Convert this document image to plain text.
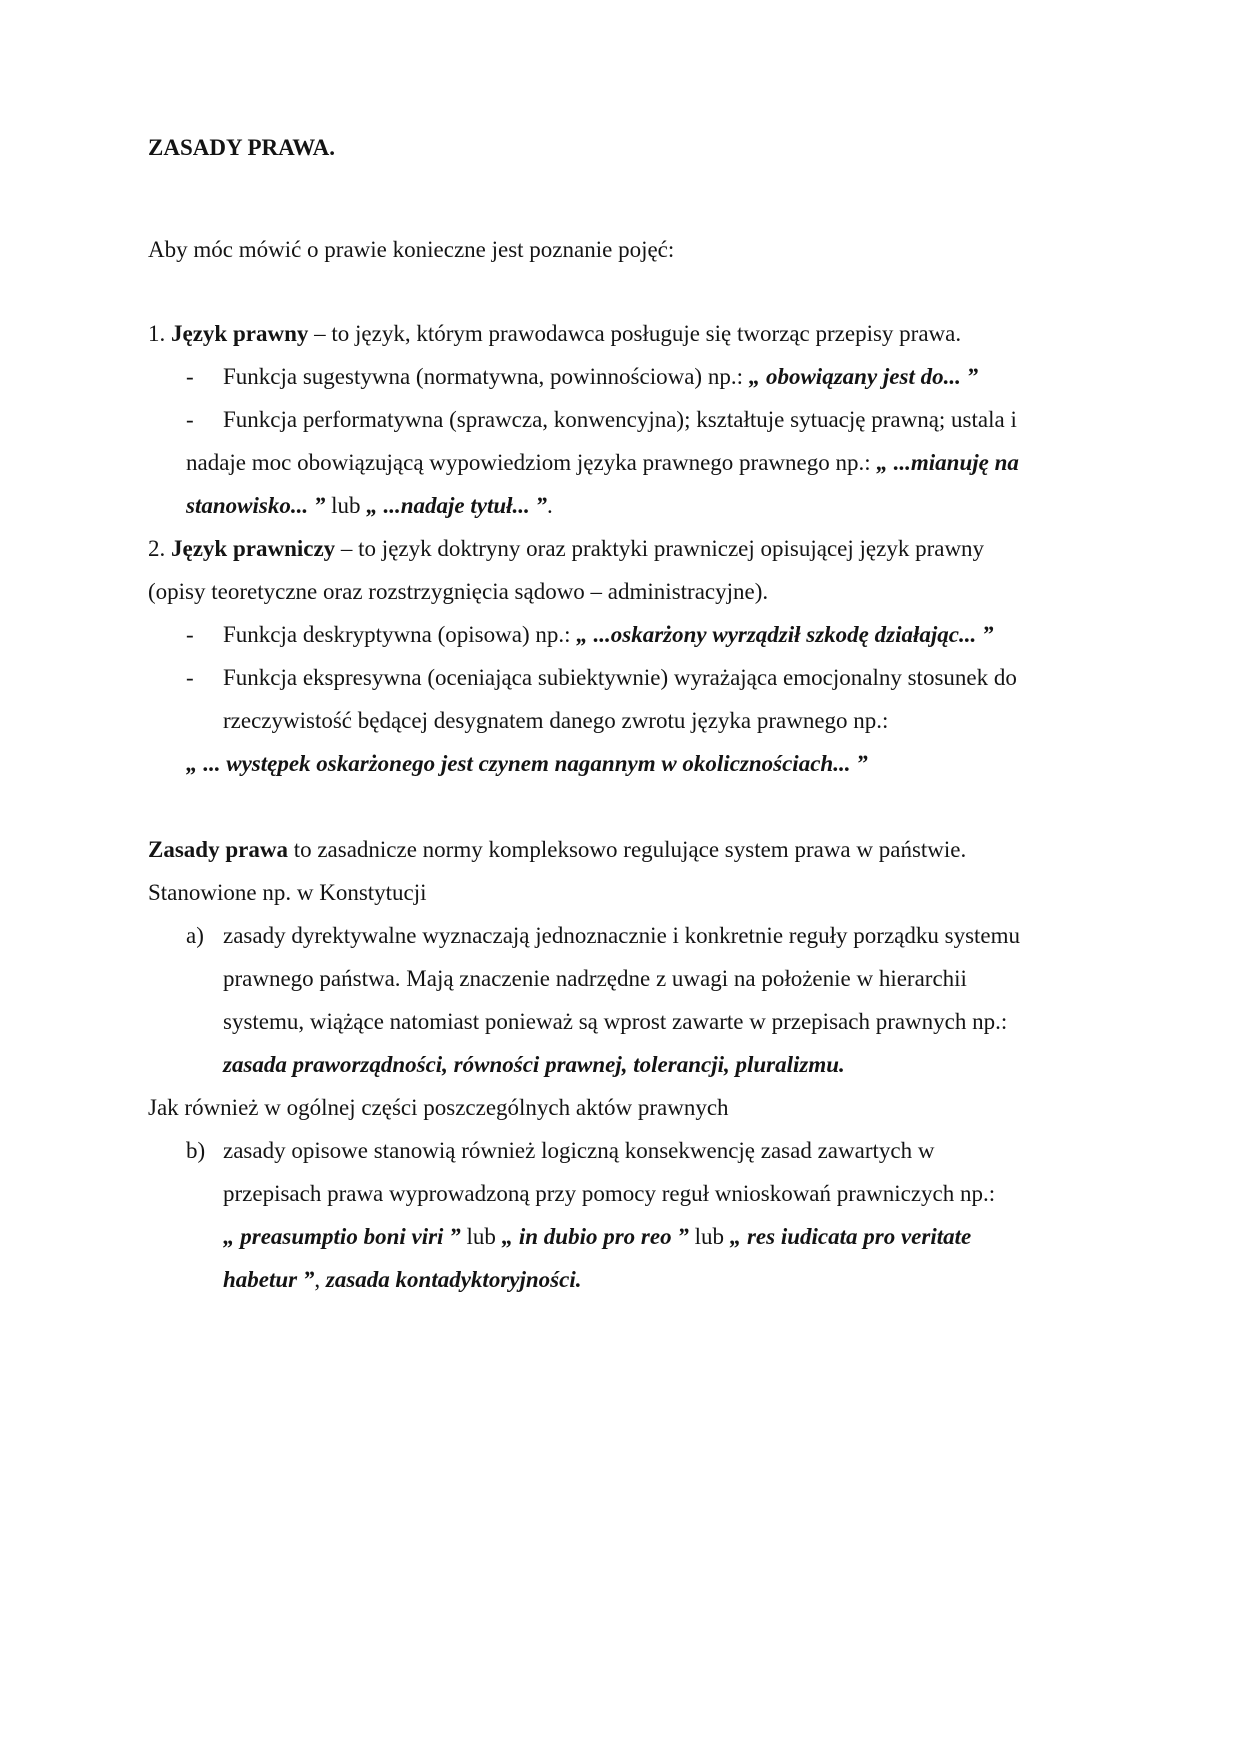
ZASADY PRAWA.
Aby móc mówić o prawie konieczne jest poznanie pojęć:
1. Język prawny – to język, którym prawodawca posługuje się tworząc przepisy prawa.
- Funkcja sugestywna (normatywna, powinnościowa) np.: „ obowiązany jest do... ”
- Funkcja performatywna (sprawcza, konwencyjna); kształtuje sytuację prawną; ustala i
nadaje moc obowiązującą wypowiedziom języka prawnego prawnego np.: „ ...mianuję na
stanowisko... ” lub „ ...nadaje tytuł... ”.
2. Język prawniczy – to język doktryny oraz praktyki prawniczej opisującej język prawny
(opisy teoretyczne oraz rozstrzygnięcia sądowo – administracyjne).
- Funkcja deskryptywna (opisowa) np.: „ ...oskarżony wyrządził szkodę działając... ”
- Funkcja ekspresywna (oceniająca subiektywnie) wyrażająca emocjonalny stosunek do
rzeczywistość będącej desygnatem danego zwrotu języka prawnego np.:
„ ... występek oskarżonego jest czynem nagannym w okolicznościach... ”
Zasady prawa to zasadnicze normy kompleksowo regulujące system prawa w państwie.
Stanowione np. w Konstytucji
a) zasady dyrektywalne wyznaczają jednoznacznie i konkretnie reguły porządku systemu
prawnego państwa. Mają znaczenie nadrzędne z uwagi na położenie w hierarchii
systemu, wiążące natomiast ponieważ są wprost zawarte w przepisach prawnych np.:
zasada praworządności, równości prawnej, tolerancji, pluralizmu.
Jak również w ogólnej części poszczególnych aktów prawnych
b) zasady opisowe stanowią również logiczną konsekwencję zasad zawartych w
przepisach prawa wyprowadzoną przy pomocy reguł wnioskowań prawniczych np.:
„ preasumptio boni viri ” lub „ in dubio pro reo ” lub „ res iudicata pro veritate
habetur ”, zasada kontadyktoryjności.
